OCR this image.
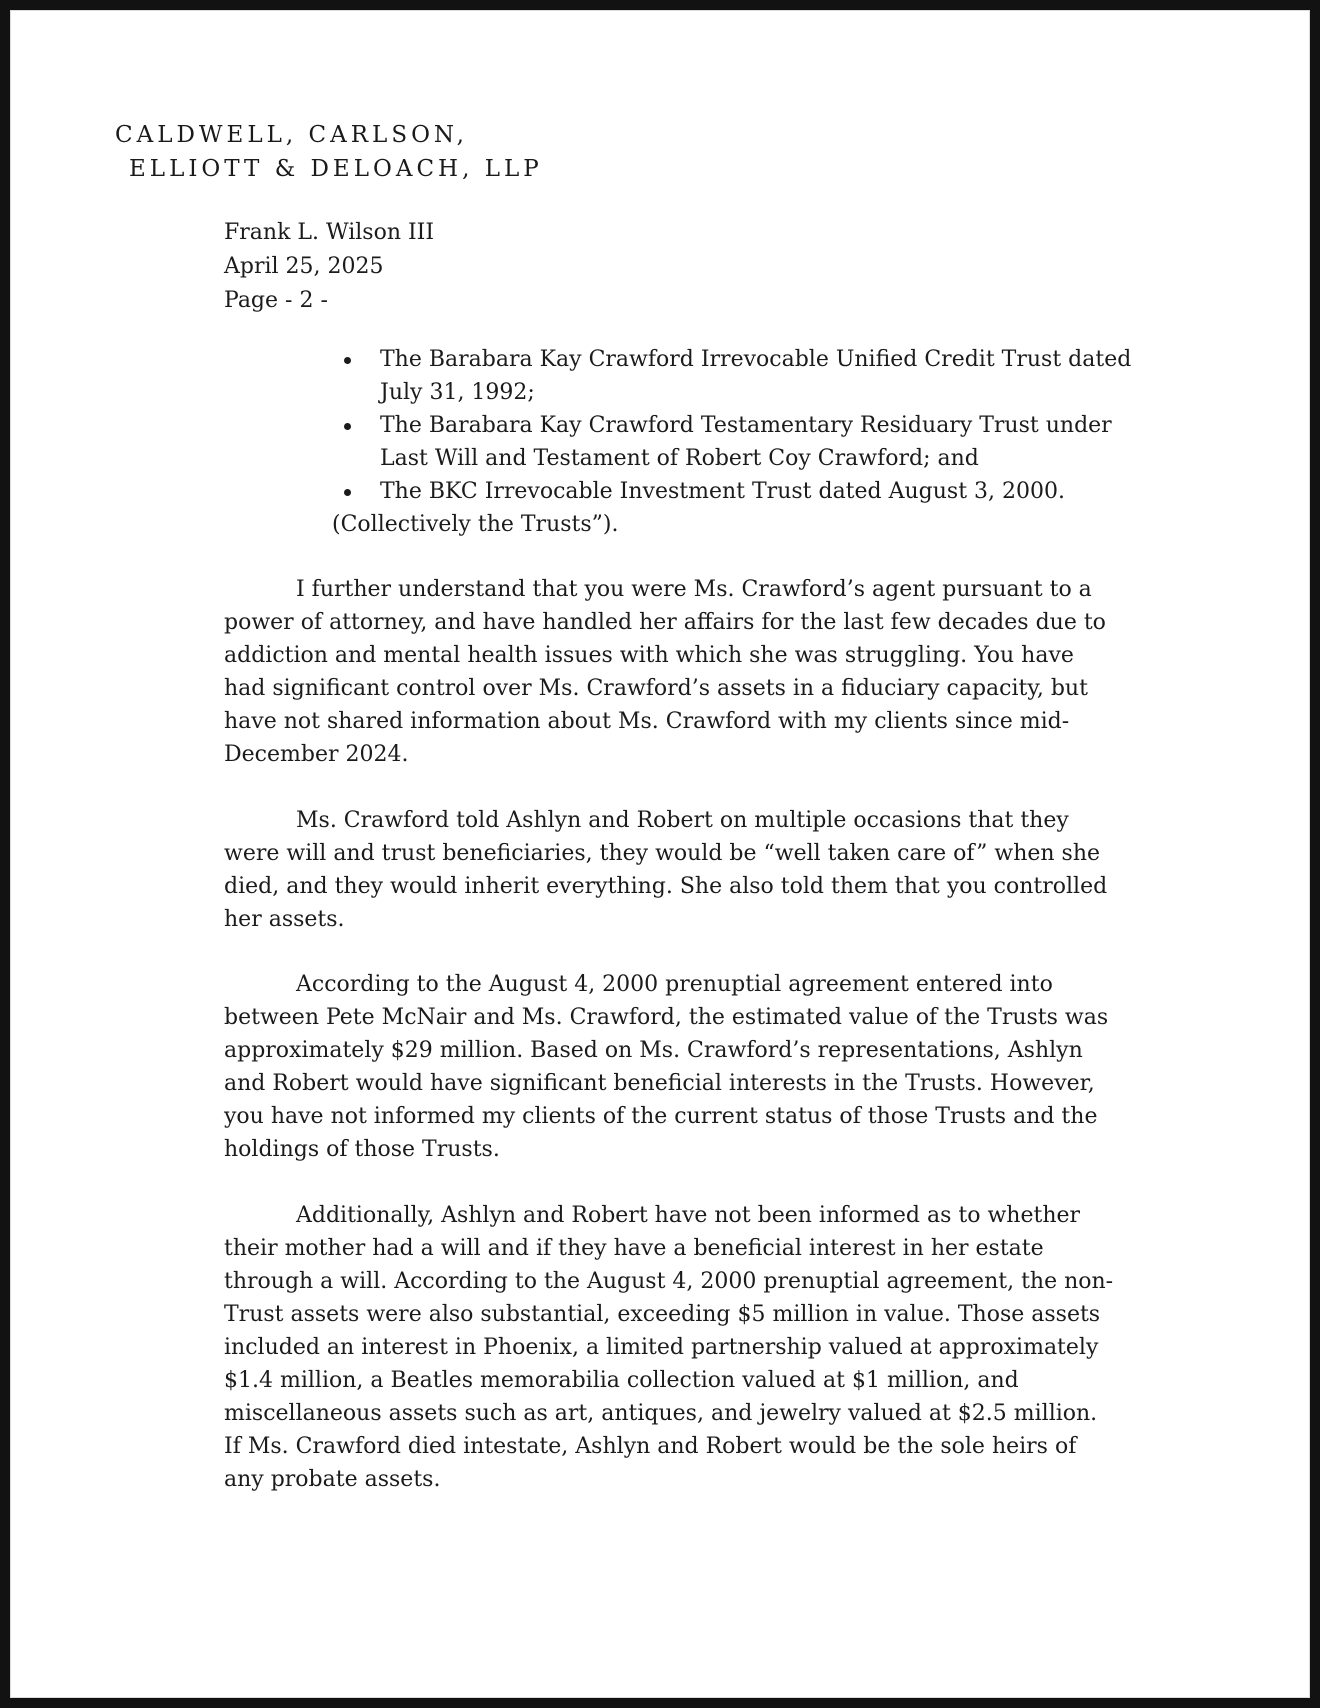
CALDWELL, CARLSON,
ELLIOTT & DELOACH, LLP
Frank L. Wilson III
April 25, 2025
Page - 2 -
The Barabara Kay Crawford Irrevocable Unified Credit Trust dated
July 31, 1992;
The Barabara Kay Crawford Testamentary Residuary Trust under
Last Will and Testament of Robert Coy Crawford; and
The BKC Irrevocable Investment Trust dated August 3, 2000.
(Collectively the Trusts”).

I further understand that you were Ms. Crawford’s agent pursuant to a power of attorney, and have handled her affairs for the last few decades due to addiction and mental health issues with which she was struggling. You have had significant control over Ms. Crawford’s assets in a fiduciary capacity, but have not shared information about Ms. Crawford with my clients since mid-December 2024.

Ms. Crawford told Ashlyn and Robert on multiple occasions that they were will and trust beneficiaries, they would be “well taken care of” when she died, and they would inherit everything. She also told them that you controlled her assets.

According to the August 4, 2000 prenuptial agreement entered into between Pete McNair and Ms. Crawford, the estimated value of the Trusts was approximately $29 million. Based on Ms. Crawford’s representations, Ashlyn and Robert would have significant beneficial interests in the Trusts. However, you have not informed my clients of the current status of those Trusts and the holdings of those Trusts.

Additionally, Ashlyn and Robert have not been informed as to whether their mother had a will and if they have a beneficial interest in her estate through a will. According to the August 4, 2000 prenuptial agreement, the non-Trust assets were also substantial, exceeding $5 million in value. Those assets included an interest in Phoenix, a limited partnership valued at approximately $1.4 million, a Beatles memorabilia collection valued at $1 million, and miscellaneous assets such as art, antiques, and jewelry valued at $2.5 million. If Ms. Crawford died intestate, Ashlyn and Robert would be the sole heirs of any probate assets.
